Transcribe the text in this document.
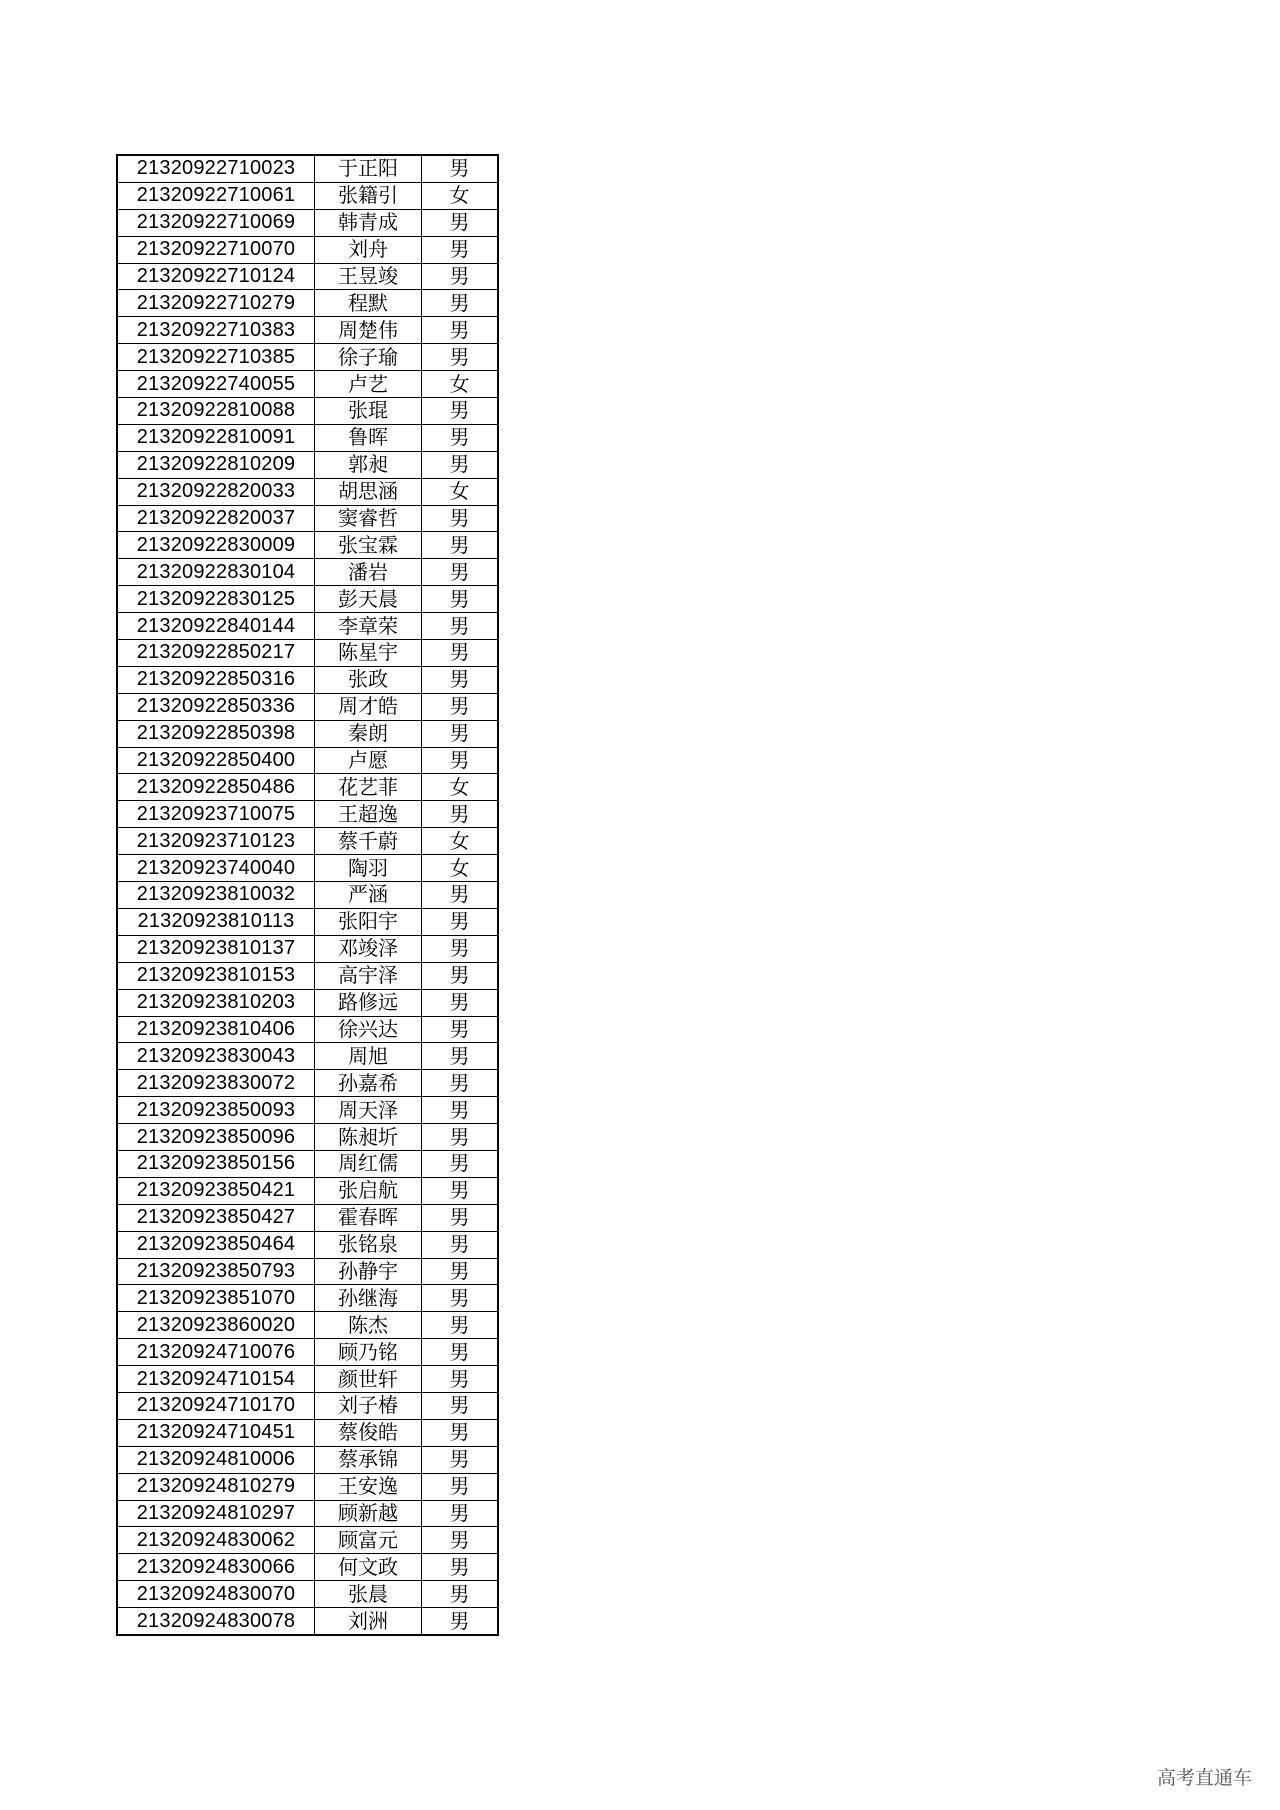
21320922710023	于正阳	男
21320922710061	张籍引	女
21320922710069	韩青成	男
21320922710070	刘舟	男
21320922710124	王昱竣	男
21320922710279	程默	男
21320922710383	周楚伟	男
21320922710385	徐子瑜	男
21320922740055	卢艺	女
21320922810088	张琨	男
21320922810091	鲁晖	男
21320922810209	郭昶	男
21320922820033	胡思涵	女
21320922820037	窦睿哲	男
21320922830009	张宝霖	男
21320922830104	潘岩	男
21320922830125	彭天晨	男
21320922840144	李章荣	男
21320922850217	陈星宇	男
21320922850316	张政	男
21320922850336	周才皓	男
21320922850398	秦朗	男
21320922850400	卢愿	男
21320922850486	花艺菲	女
21320923710075	王超逸	男
21320923710123	蔡千蔚	女
21320923740040	陶羽	女
21320923810032	严涵	男
21320923810113	张阳宇	男
21320923810137	邓竣泽	男
21320923810153	高宇泽	男
21320923810203	路修远	男
21320923810406	徐兴达	男
21320923830043	周旭	男
21320923830072	孙嘉希	男
21320923850093	周天泽	男
21320923850096	陈昶圻	男
21320923850156	周红儒	男
21320923850421	张启航	男
21320923850427	霍春晖	男
21320923850464	张铭泉	男
21320923850793	孙静宇	男
21320923851070	孙继海	男
21320923860020	陈杰	男
21320924710076	顾乃铭	男
21320924710154	颜世轩	男
21320924710170	刘子椿	男
21320924710451	蔡俊皓	男
21320924810006	蔡承锦	男
21320924810279	王安逸	男
21320924810297	顾新越	男
21320924830062	顾富元	男
21320924830066	何文政	男
21320924830070	张晨	男
21320924830078	刘洲	男
高考直通车
